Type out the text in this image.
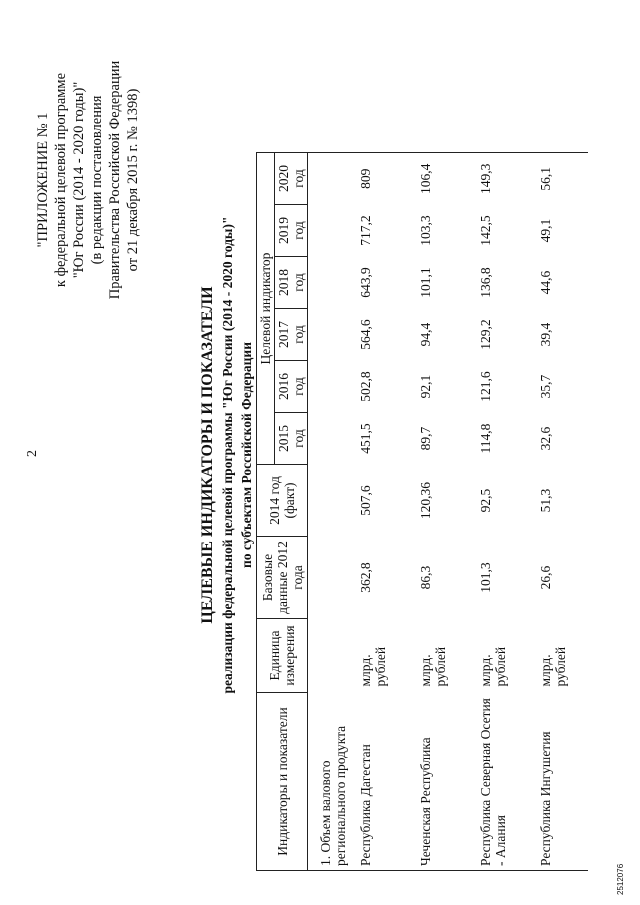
2
"ПРИЛОЖЕНИЕ № 1 к федеральной целевой программе "Юг России (2014 - 2020 годы)" (в редакции постановления Правительства Российской Федерации от 21 декабря 2015 г. № 1398)
ЦЕЛЕВЫЕ ИНДИКАТОРЫ И ПОКАЗАТЕЛИ реализации федеральной целевой программы "Юг России (2014 - 2020 годы)" по субъектам Российской Федерации
Индикаторы и показатели	Единица измерения	Базовые данные 2012 года	2014 год (факт)	Целевой индикатор					
				2015 год	2016 год	2017 год	2018 год	2019 год	2020 год
1. Объем валового регионального продукта									
Республика Дагестан	млрд. рублей	362,8	507,6	451,5	502,8	564,6	643,9	717,2	809
Чеченская Республика	млрд. рублей	86,3	120,36	89,7	92,1	94,4	101,1	103,3	106,4
Республика Северная Осетия - Алания	млрд. рублей	101,3	92,5	114,8	121,6	129,2	136,8	142,5	149,3
Республика Ингушетия	млрд. рублей	26,6	51,3	32,6	35,7	39,4	44,6	49,1	56,1
2512076
